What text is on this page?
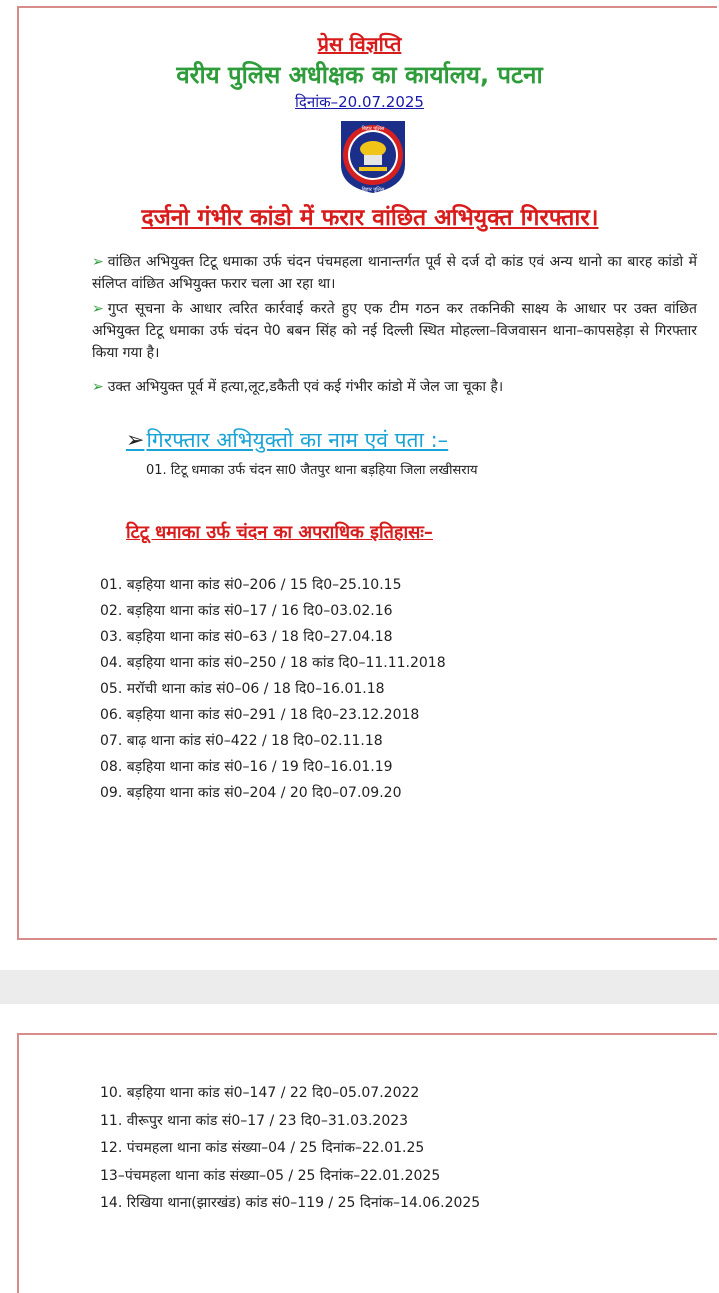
प्रेस विज्ञप्ति
वरीय पुलिस अधीक्षक का कार्यालय, पटना
दिनांक–20.07.2025
बिहार पुलिस
बिहार पुलिस
दर्जनो गंभीर कांडो में फरार वांछित अभियुक्त गिरफ्तार।
➢ वांछित अभियुक्त टिटू धमाका उर्फ चंदन पंचमहला थानान्तर्गत पूर्व से दर्ज दो कांड एवं अन्य थानो का बारह कांडो में संलिप्त वांछित अभियुक्त फरार चला आ रहा था।
➢ गुप्त सूचना के आधार त्वरित कार्रवाई करते हुए एक टीम गठन कर तकनिकी साक्ष्य के आधार पर उक्त वांछित अभियुक्त टिटू धमाका उर्फ चंदन पे0 बबन सिंह को नई दिल्ली स्थित मोहल्ला–विजवासन थाना–कापसहेड़ा से गिरफ्तार किया गया है।
➢ उक्त अभियुक्त पूर्व में हत्या,लूट,डकैती एवं कई गंभीर कांडो में जेल जा चूका है।
➢गिरफ्तार अभियुक्तो का नाम एवं पता :–
01. टिटू धमाका उर्फ चंदन सा0 जैतपुर थाना बड़हिया जिला लखीसराय
टिटू धमाका उर्फ चंदन का अपराधिक इतिहासः–
01. बड़हिया थाना कांड सं0–206 / 15 दि0–25.10.15
02. बड़हिया थाना कांड सं0–17 / 16 दि0–03.02.16
03. बड़हिया थाना कांड सं0–63 / 18 दि0–27.04.18
04. बड़हिया थाना कांड सं0–250 / 18 कांड दि0–11.11.2018
05. मरॉची थाना कांड सं0–06 / 18 दि0–16.01.18
06. बड़हिया थाना कांड सं0–291 / 18 दि0–23.12.2018
07. बाढ़ थाना कांड सं0–422 / 18 दि0–02.11.18
08. बड़हिया थाना कांड सं0–16 / 19 दि0–16.01.19
09. बड़हिया थाना कांड सं0–204 / 20 दि0–07.09.20
10. बड़हिया थाना कांड सं0–147 / 22 दि0–05.07.2022
11. वीरूपुर थाना कांड सं0–17 / 23 दि0–31.03.2023
12. पंचमहला थाना कांड संख्या–04 / 25 दिनांक–22.01.25
13–पंचमहला थाना कांड संख्या–05 / 25 दिनांक–22.01.2025
14. रिखिया थाना(झारखंड) कांड सं0–119 / 25 दिनांक–14.06.2025
